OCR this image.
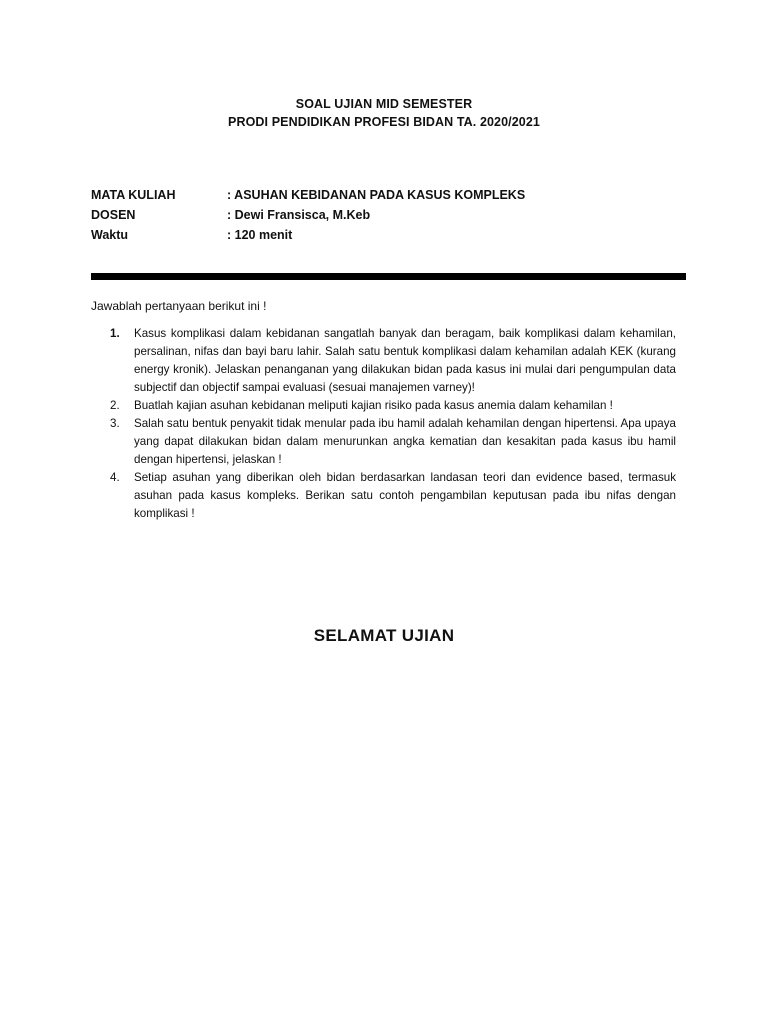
SOAL UJIAN MID SEMESTER
PRODI PENDIDIKAN PROFESI BIDAN TA. 2020/2021
MATA KULIAH	: ASUHAN KEBIDANAN PADA KASUS KOMPLEKS
DOSEN	: Dewi Fransisca, M.Keb
Waktu	: 120 menit
Jawablah pertanyaan berikut ini !
1.	Kasus komplikasi dalam kebidanan sangatlah banyak dan beragam, baik komplikasi dalam kehamilan, persalinan, nifas dan bayi baru lahir. Salah satu bentuk komplikasi dalam kehamilan adalah KEK (kurang energy kronik). Jelaskan penanganan yang dilakukan bidan pada kasus ini mulai dari pengumpulan data subjectif dan objectif sampai evaluasi (sesuai manajemen varney)!
2.	Buatlah kajian asuhan kebidanan meliputi kajian risiko pada kasus anemia dalam kehamilan !
3.	Salah satu bentuk penyakit tidak menular pada ibu hamil adalah kehamilan dengan hipertensi. Apa upaya yang dapat dilakukan bidan dalam menurunkan angka kematian dan kesakitan pada kasus ibu hamil dengan hipertensi, jelaskan !
4.	Setiap asuhan yang diberikan oleh bidan berdasarkan landasan teori dan evidence based, termasuk asuhan pada kasus kompleks. Berikan satu contoh pengambilan keputusan pada ibu nifas dengan komplikasi !
SELAMAT UJIAN
